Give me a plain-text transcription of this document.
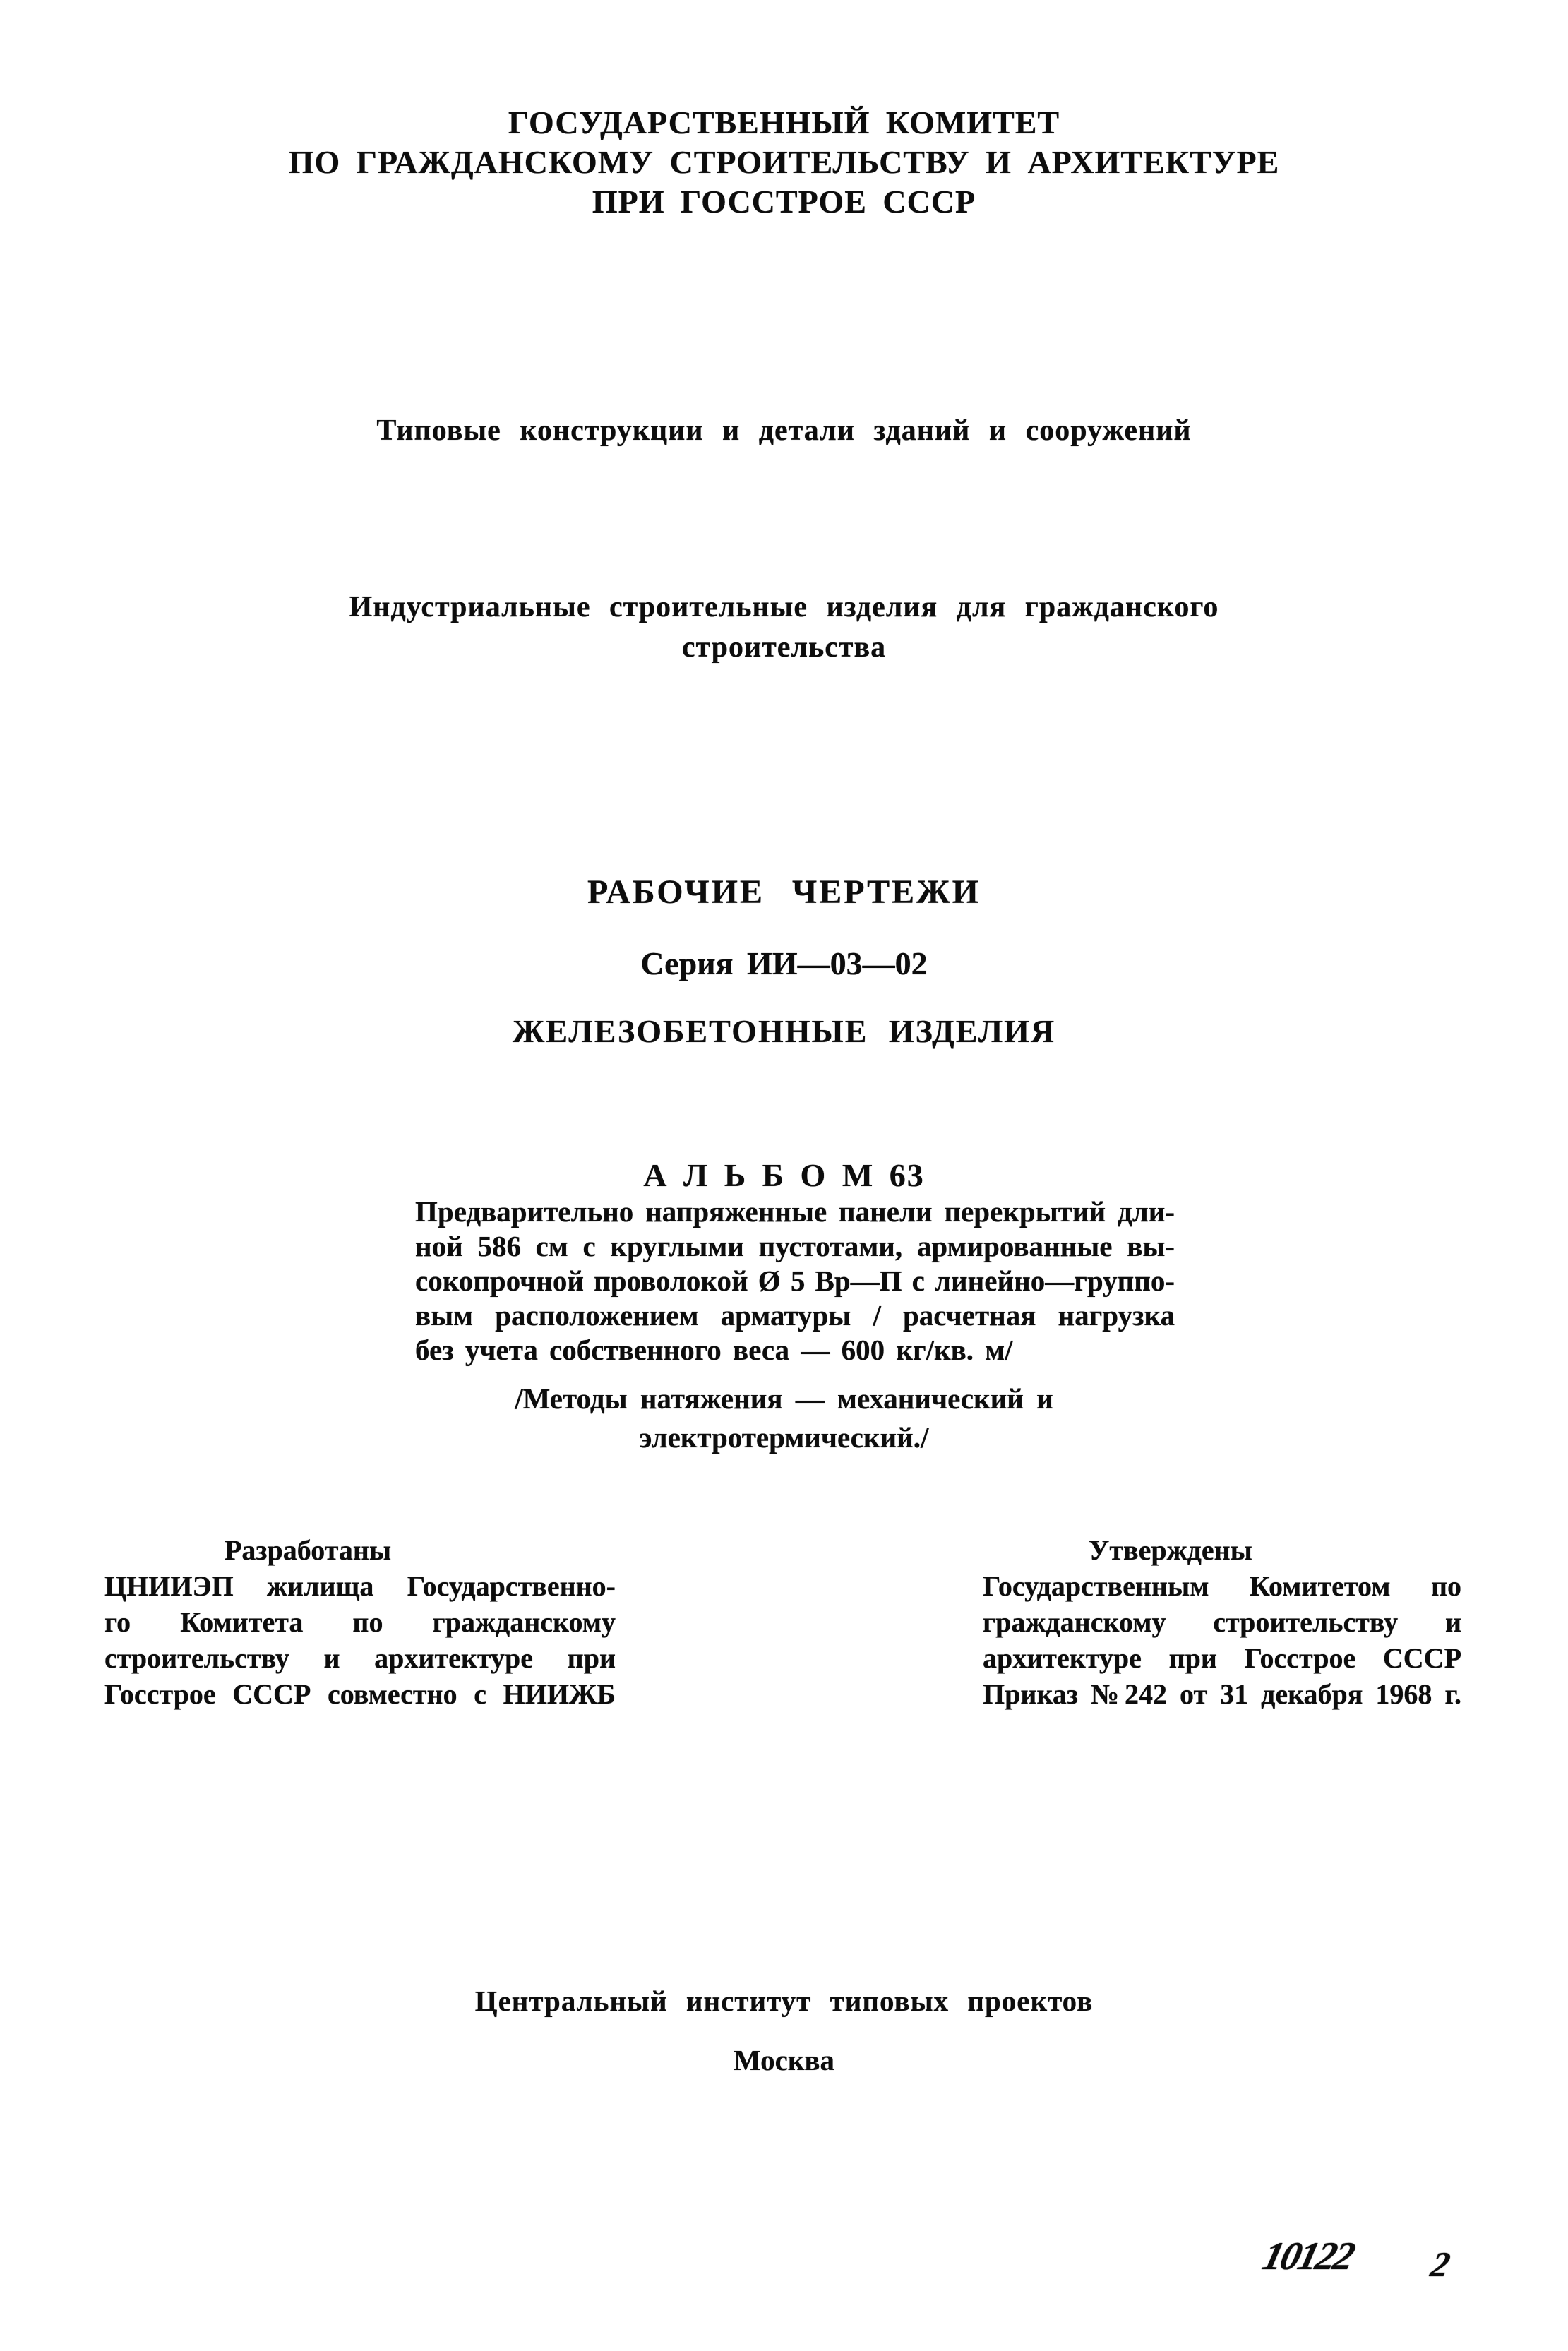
ГОСУДАРСТВЕННЫЙ КОМИТЕТ
ПО ГРАЖДАНСКОМУ СТРОИТЕЛЬСТВУ И АРХИТЕКТУРЕ
ПРИ ГОССТРОЕ СССР
Типовые конструкции и детали зданий и сооружений
Индустриальные строительные изделия для гражданского
строительства
РАБОЧИЕ ЧЕРТЕЖИ
Серия ИИ—03—02
ЖЕЛЕЗОБЕТОННЫЕ ИЗДЕЛИЯ
А Л Ь Б О М 63
Предварительно напряженные панели перекрытий дли-
ной 586 см с круглыми пустотами, армированные вы-
сокопрочной проволокой Ø 5 Вр—П с линейно—группо-
вым расположением арматуры / расчетная нагрузка
без учета собственного веса — 600 кг/кв. м/
/Методы натяжения — механический и
электротермический./
Разработаны
ЦНИИЭП жилища Государственно-
го Комитета по гражданскому
строительству и архитектуре при
Госстрое СССР совместно с НИИЖБ
Утверждены
Государственным Комитетом по
гражданскому строительству и
архитектуре при Госстрое СССР
Приказ №242 от 31 декабря 1968 г.
Центральный институт типовых проектов
Москва
10122 2
